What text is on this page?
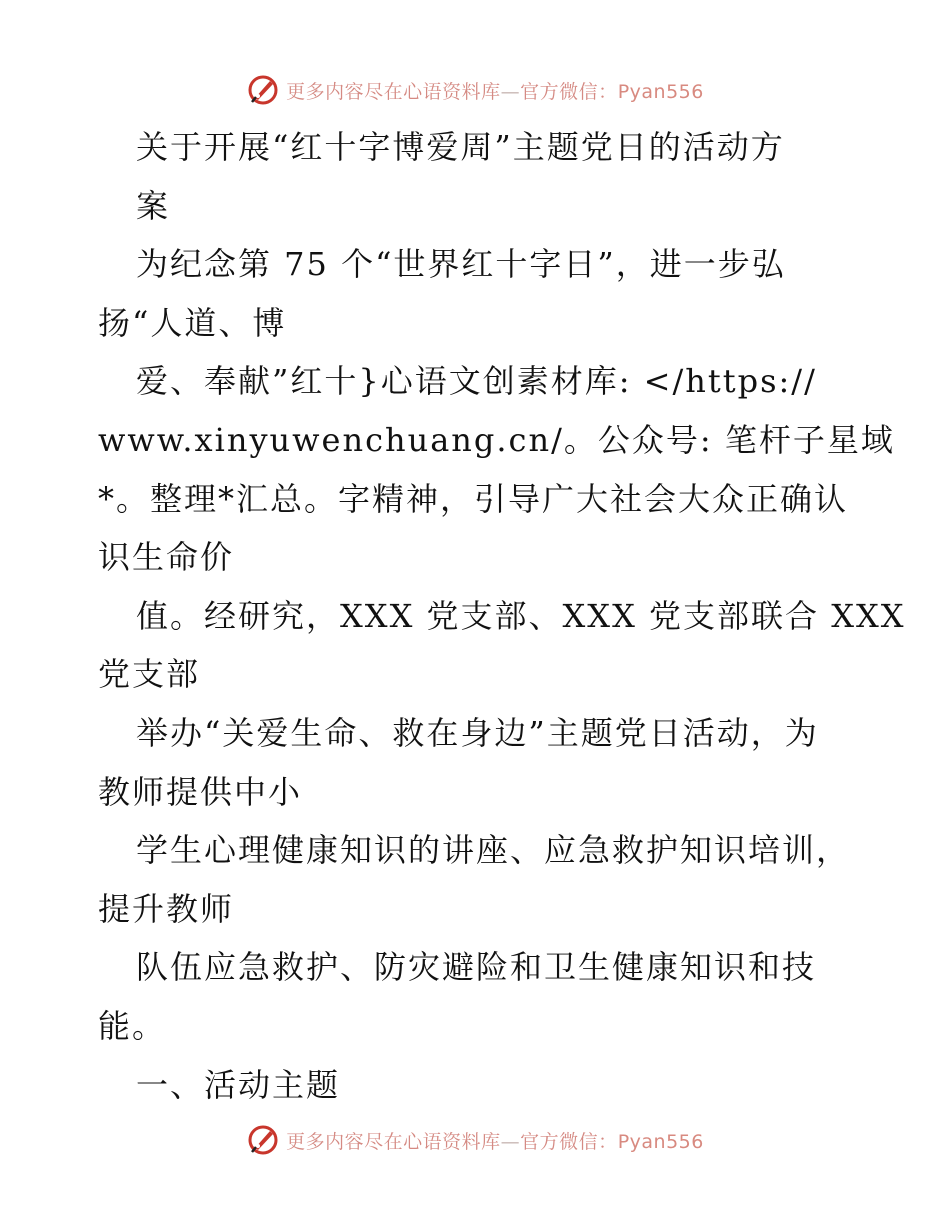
更多内容尽在心语资料库—官方微信：Pyan556
关于开展“红十字博爱周”主题党日的活动方
案
为纪念第 75 个“世界红十字日”，进一步弘
扬“人道、博
爱、奉献”红十}心语文创素材库: </https://
www.xinyuwenchuang.cn/。公众号: 笔杆子星域
*。整理*汇总。字精神，引导广大社会大众正确认
识生命价
值。经研究，XXX 党支部、XXX 党支部联合 XXX
党支部
举办“关爱生命、救在身边”主题党日活动，为
教师提供中小
学生心理健康知识的讲座、应急救护知识培训，
提升教师
队伍应急救护、防灾避险和卫生健康知识和技
能。
一、活动主题
更多内容尽在心语资料库—官方微信：Pyan556
